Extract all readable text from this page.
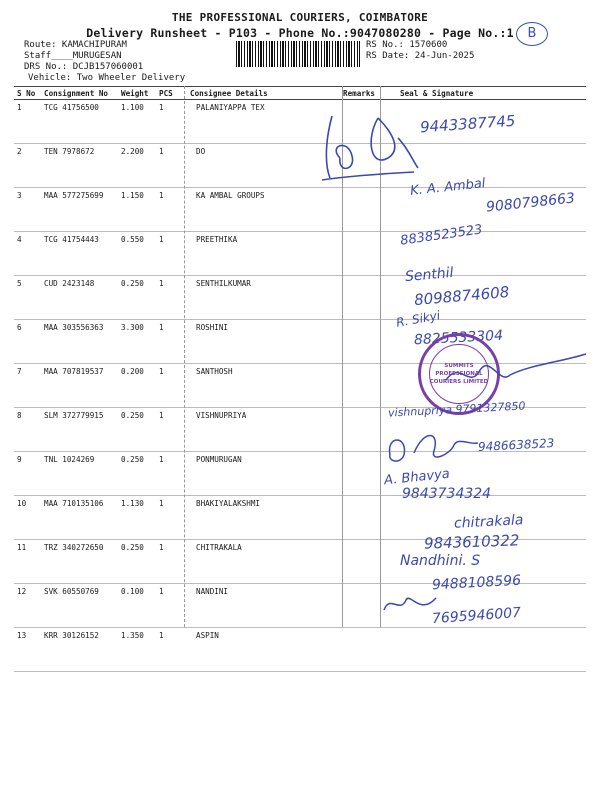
THE PROFESSIONAL COURIERS, COIMBATORE
Delivery Runsheet - P103 - Phone No.:9047080280 - Page No.:1	B
Route: KAMACHIPURAM
Staff____MURUGESAN
DRS No.: DCJB157060001
Vehicle: Two Wheeler Delivery
RS No.: 1570600
RS Date: 24-Jun-2025
S No	Consignment No	Weight	PCS	Consignee Details	Remarks	Seal & Signature
1	TCG 41756500	1.100	1	PALANIYAPPA TEX		
2	TEN 7978672	2.200	1	DO		
3	MAA 577275699	1.150	1	KA AMBAL GROUPS		
4	TCG 41754443	0.550	1	PREETHIKA		
5	CUD 2423148	0.250	1	SENTHILKUMAR		
6	MAA 303556363	3.300	1	ROSHINI		
7	MAA 707819537	0.200	1	SANTHOSH		
8	SLM 372779915	0.250	1	VISHNUPRIYA		
9	TNL 1024269	0.250	1	PONMURUGAN		
10	MAA 710135106	1.130	1	BHAKIYALAKSHMI		
11	TRZ 340272650	0.250	1	CHITRAKALA		
12	SVK 60550769	0.100	1	NANDINI		
13	KRR 30126152	1.350	1	ASPIN		
9443387745
K. A. Ambal
9080798663
8838523523
Senthil
8098874608
R. Sikyi
8825533304
SUMMITS PROFESSIONAL COURIERS LIMITED
vishnupriya 9791327850
9486638523
A. Bhavya
9843734324
chitrakala
9843610322
Nandhini. S
9488108596
7695946007
